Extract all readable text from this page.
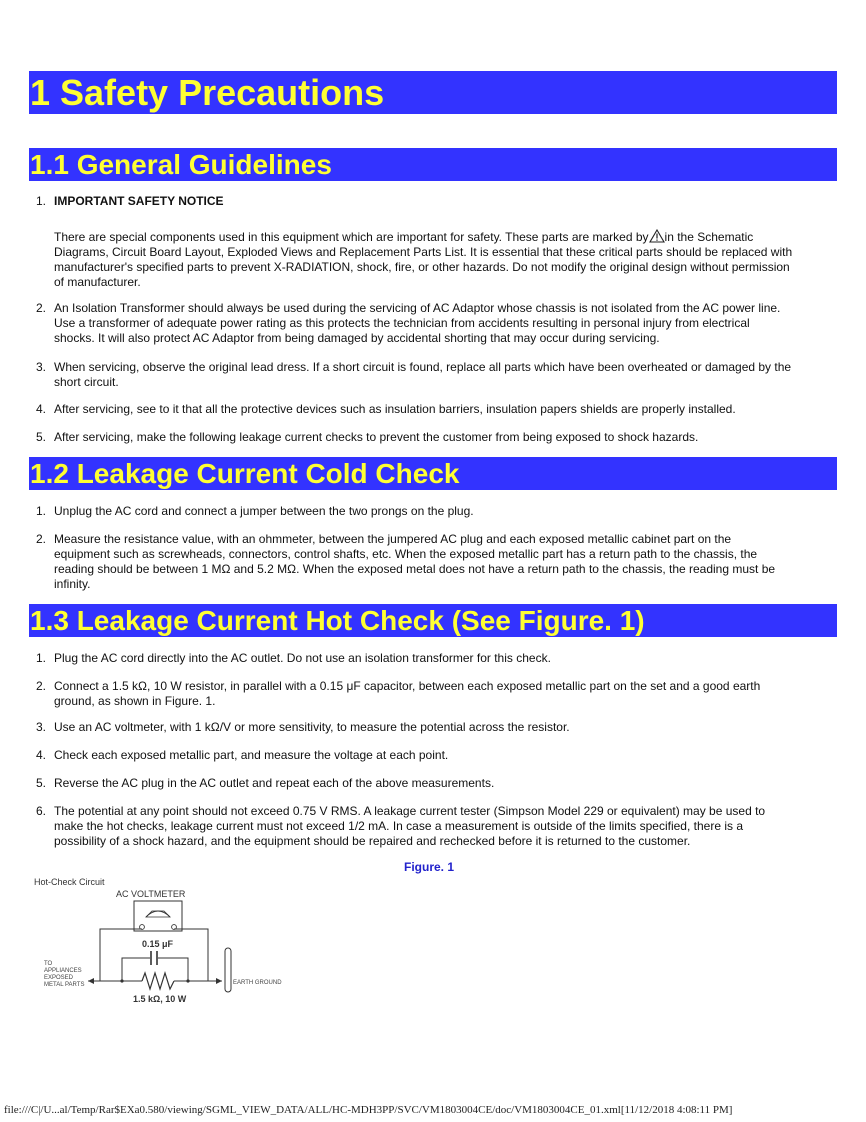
1 Safety Precautions
1.1 General Guidelines
1. IMPORTANT SAFETY NOTICE
There are special components used in this equipment which are important for safety. These parts are marked by in the Schematic
Diagrams, Circuit Board Layout, Exploded Views and Replacement Parts List. It is essential that these critical parts should be replaced with
manufacturer's specified parts to prevent X-RADIATION, shock, fire, or other hazards. Do not modify the original design without permission
of manufacturer.
2. An Isolation Transformer should always be used during the servicing of AC Adaptor whose chassis is not isolated from the AC power line.
Use a transformer of adequate power rating as this protects the technician from accidents resulting in personal injury from electrical
shocks. It will also protect AC Adaptor from being damaged by accidental shorting that may occur during servicing.
3. When servicing, observe the original lead dress. If a short circuit is found, replace all parts which have been overheated or damaged by the
short circuit.
4. After servicing, see to it that all the protective devices such as insulation barriers, insulation papers shields are properly installed.
5. After servicing, make the following leakage current checks to prevent the customer from being exposed to shock hazards.
1.2 Leakage Current Cold Check
1. Unplug the AC cord and connect a jumper between the two prongs on the plug.
2. Measure the resistance value, with an ohmmeter, between the jumpered AC plug and each exposed metallic cabinet part on the
equipment such as screwheads, connectors, control shafts, etc. When the exposed metallic part has a return path to the chassis, the
reading should be between 1 MΩ and 5.2 MΩ. When the exposed metal does not have a return path to the chassis, the reading must be
infinity.
1.3 Leakage Current Hot Check (See Figure. 1)
1. Plug the AC cord directly into the AC outlet. Do not use an isolation transformer for this check.
2. Connect a 1.5 kΩ, 10 W resistor, in parallel with a 0.15 μF capacitor, between each exposed metallic part on the set and a good earth
ground, as shown in Figure. 1.
3. Use an AC voltmeter, with 1 kΩ/V or more sensitivity, to measure the potential across the resistor.
4. Check each exposed metallic part, and measure the voltage at each point.
5. Reverse the AC plug in the AC outlet and repeat each of the above measurements.
6. The potential at any point should not exceed 0.75 V RMS. A leakage current tester (Simpson Model 229 or equivalent) may be used to
make the hot checks, leakage current must not exceed 1/2 mA. In case a measurement is outside of the limits specified, there is a
possibility of a shock hazard, and the equipment should be repaired and rechecked before it is returned to the customer.
Figure. 1
Hot-Check Circuit
AC VOLTMETER
0.15 μF
1.5 kΩ, 10 W
TO
APPLIANCES
EXPOSED
METAL PARTS	EARTH GROUND
file:///C|/U...al/Temp/Rar$EXa0.580/viewing/SGML_VIEW_DATA/ALL/HC-MDH3PP/SVC/VM1803004CE/doc/VM1803004CE_01.xml[11/12/2018 4:08:11 PM]
